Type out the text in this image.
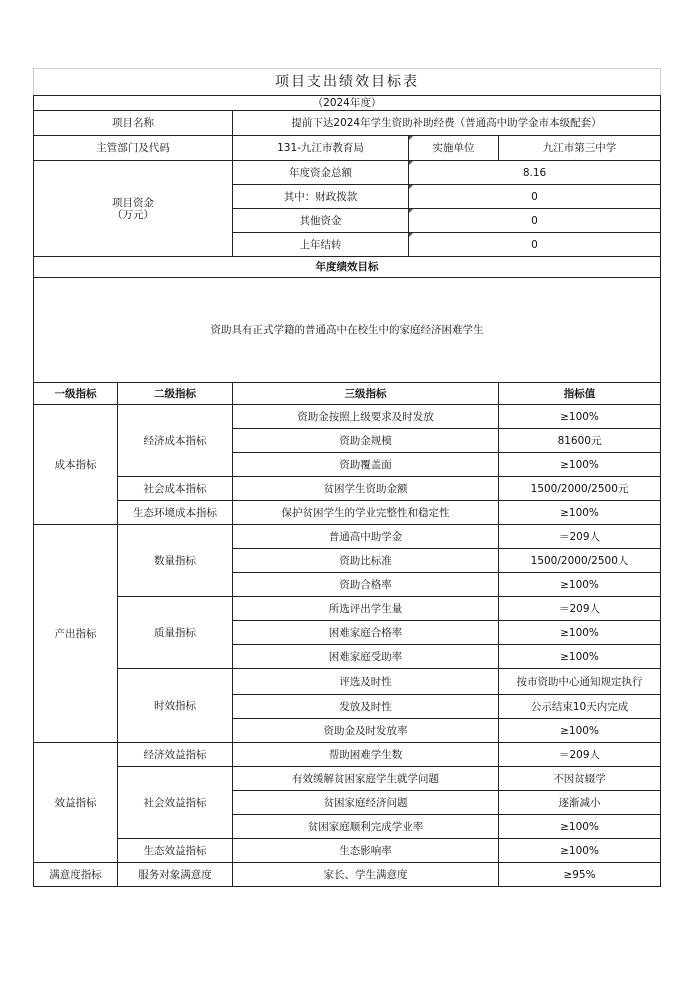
项目支出绩效目标表				
（2024年度）				
项目名称		提前下达2024年学生资助补助经费（普通高中助学金市本级配套）		
主管部门及代码		131-九江市教育局	实施单位	九江市第三中学
项目资金
（万元）		年度资金总额	8.16	
		其中：财政拨款	0	
		其他资金	0	
		上年结转	0	
年度绩效目标				
资助具有正式学籍的普通高中在校生中的家庭经济困难学生				
一级指标	二级指标	三级指标		指标值
成本指标	经济成本指标	资助金按照上级要求及时发放		≥100%
		资助金规模		81600元
		资助覆盖面		≥100%
	社会成本指标	贫困学生资助金额		1500/2000/2500元
	生态环境成本指标	保护贫困学生的学业完整性和稳定性		≥100%
产出指标	数量指标	普通高中助学金		＝209人
		资助比标准		1500/2000/2500人
		资助合格率		≥100%
	质量指标	所选评出学生量		＝209人
		困难家庭合格率		≥100%
		困难家庭受助率		≥100%
	时效指标	评选及时性		按市资助中心通知规定执行
		发放及时性		公示结束10天内完成
		资助金及时发放率		≥100%
效益指标	经济效益指标	帮助困难学生数		＝209人
	社会效益指标	有效缓解贫困家庭学生就学问题		不因贫辍学
		贫困家庭经济问题		逐渐减小
		贫困家庭顺利完成学业率		≥100%
	生态效益指标	生态影响率		≥100%
满意度指标	服务对象满意度	家长、学生满意度		≥95%
